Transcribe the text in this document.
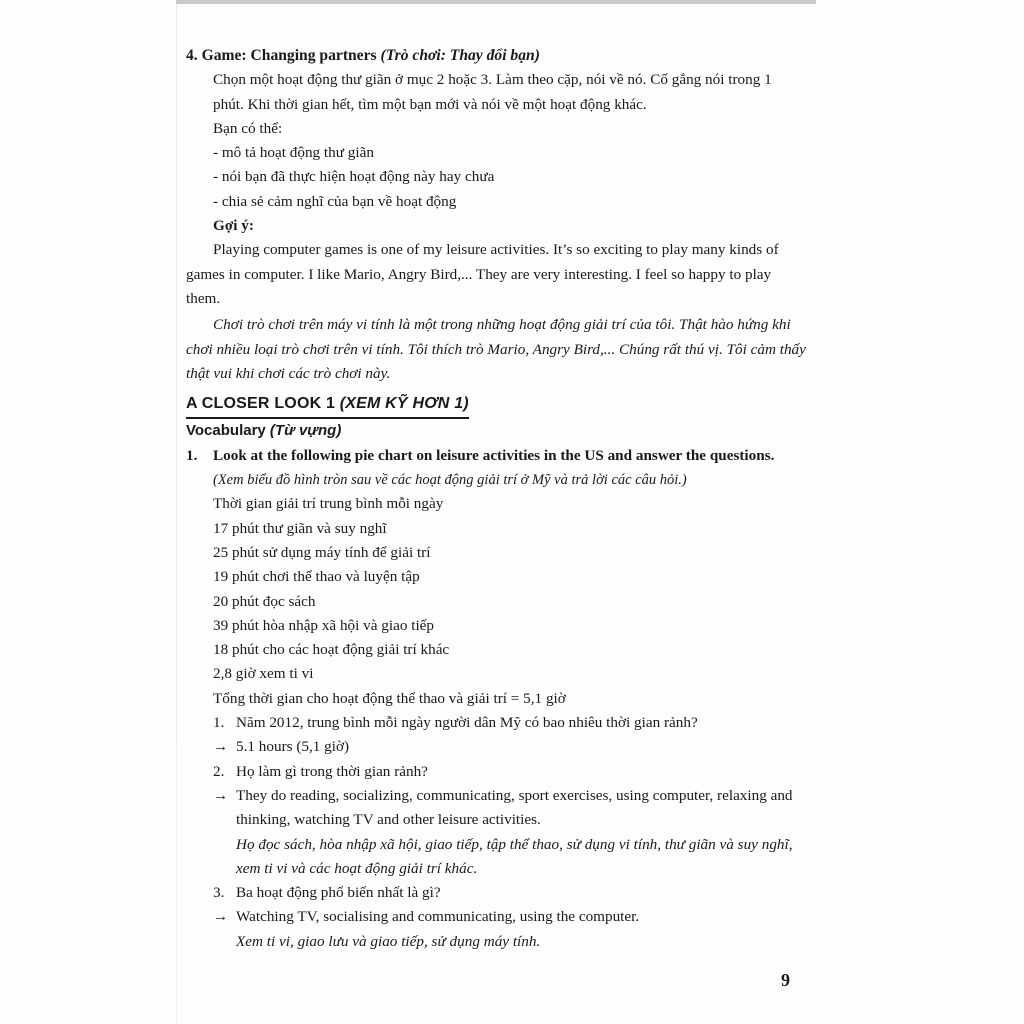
4. Game: Changing partners (Trò chơi: Thay đổi bạn)

Chọn một hoạt động thư giãn ở mục 2 hoặc 3. Làm theo cặp, nói về nó. Cố gắng nói trong 1 phút. Khi thời gian hết, tìm một bạn mới và nói về một hoạt động khác.

Bạn có thể:

- mô tả hoạt động thư giãn

- nói bạn đã thực hiện hoạt động này hay chưa

- chia sẻ cảm nghĩ của bạn về hoạt động

Gợi ý:

Playing computer games is one of my leisure activities. It’s so exciting to play many kinds of games in computer. I like Mario, Angry Bird,... They are very interesting. I feel so happy to play them.

Chơi trò chơi trên máy vi tính là một trong những hoạt động giải trí của tôi. Thật hào hứng khi chơi nhiều loại trò chơi trên vi tính. Tôi thích trò Mario, Angry Bird,... Chúng rất thú vị. Tôi cảm thấy thật vui khi chơi các trò chơi này.

A CLOSER LOOK 1 (XEM KỸ HƠN 1)

Vocabulary (Từ vựng)

1.	Look at the following pie chart on leisure activities in the US and answer the questions. (Xem biểu đồ hình tròn sau về các hoạt động giải trí ở Mỹ và trả lời các câu hỏi.)

Thời gian giải trí trung bình mỗi ngày

17 phút thư giãn và suy nghĩ

25 phút sử dụng máy tính để giải trí

19 phút chơi thể thao và luyện tập

20 phút đọc sách

39 phút hòa nhập xã hội và giao tiếp

18 phút cho các hoạt động giải trí khác

2,8 giờ xem ti vi

Tổng thời gian cho hoạt động thể thao và giải trí = 5,1 giờ

1. Năm 2012, trung bình mỗi ngày người dân Mỹ có bao nhiêu thời gian rảnh?
→ 5.1 hours (5,1 giờ)
2. Họ làm gì trong thời gian rảnh?
→ They do reading, socializing, communicating, sport exercises, using computer, relaxing and thinking, watching TV and other leisure activities.

Họ đọc sách, hòa nhập xã hội, giao tiếp, tập thể thao, sử dụng vi tính, thư giãn và suy nghĩ, xem ti vi và các hoạt động giải trí khác.

3. Ba hoạt động phổ biến nhất là gì?
→ Watching TV, socialising and communicating, using the computer.

Xem ti vi, giao lưu và giao tiếp, sử dụng máy tính.

9
